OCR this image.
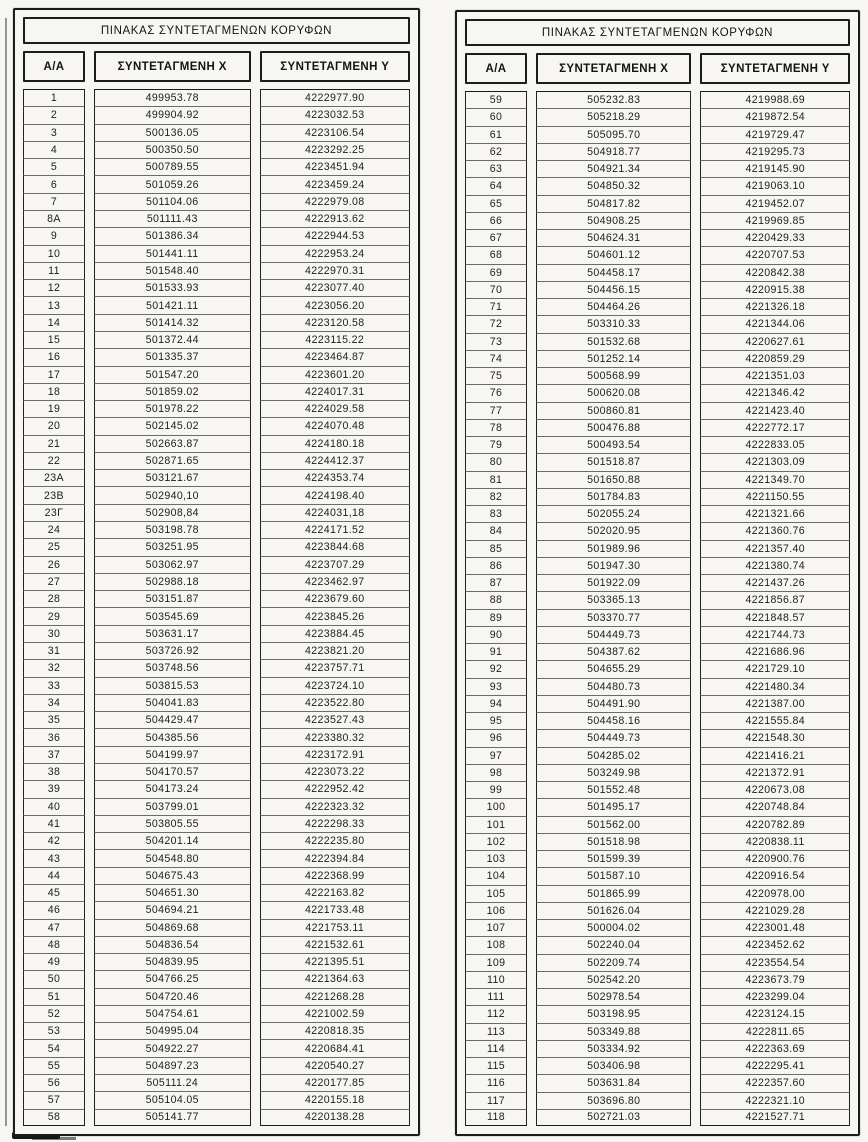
ΠΙΝΑΚΑΣ ΣΥΝΤΕΤΑΓΜΕΝΩΝ ΚΟΡΥΦΩΝ
Α/Α	ΣΥΝΤΕΤΑΓΜΕΝΗ Χ	ΣΥΝΤΕΤΑΓΜΕΝΗ Υ
1	499953.78	4222977.90
2	499904.92	4223032.53
3	500136.05	4223106.54
4	500350.50	4223292.25
5	500789.55	4223451.94
6	501059.26	4223459.24
7	501104.06	4222979.08
8Α	501111.43	4222913.62
9	501386.34	4222944.53
10	501441.11	4222953.24
11	501548.40	4222970.31
12	501533.93	4223077.40
13	501421.11	4223056.20
14	501414.32	4223120.58
15	501372.44	4223115.22
16	501335.37	4223464.87
17	501547.20	4223601.20
18	501859.02	4224017.31
19	501978.22	4224029.58
20	502145.02	4224070.48
21	502663.87	4224180.18
22	502871.65	4224412.37
23Α	503121.67	4224353.74
23Β	502940,10	4224198.40
23Γ	502908,84	4224031,18
24	503198.78	4224171.52
25	503251.95	4223844.68
26	503062.97	4223707.29
27	502988.18	4223462.97
28	503151.87	4223679.60
29	503545.69	4223845.26
30	503631.17	4223884.45
31	503726.92	4223821.20
32	503748.56	4223757.71
33	503815.53	4223724.10
34	504041.83	4223522.80
35	504429.47	4223527.43
36	504385.56	4223380.32
37	504199.97	4223172.91
38	504170.57	4223073.22
39	504173.24	4222952.42
40	503799.01	4222323.32
41	503805.55	4222298.33
42	504201.14	4222235.80
43	504548.80	4222394.84
44	504675.43	4222368.99
45	504651.30	4222163.82
46	504694.21	4221733.48
47	504869.68	4221753.11
48	504836.54	4221532.61
49	504839.95	4221395.51
50	504766.25	4221364.63
51	504720.46	4221268.28
52	504754.61	4221002.59
53	504995.04	4220818.35
54	504922.27	4220684.41
55	504897.23	4220540.27
56	505111.24	4220177.85
57	505104.05	4220155.18
58	505141.77	4220138.28
ΠΙΝΑΚΑΣ ΣΥΝΤΕΤΑΓΜΕΝΩΝ ΚΟΡΥΦΩΝ
Α/Α	ΣΥΝΤΕΤΑΓΜΕΝΗ Χ	ΣΥΝΤΕΤΑΓΜΕΝΗ Υ
59	505232.83	4219988.69
60	505218.29	4219872.54
61	505095.70	4219729.47
62	504918.77	4219295.73
63	504921.34	4219145.90
64	504850.32	4219063.10
65	504817.82	4219452.07
66	504908.25	4219969.85
67	504624.31	4220429.33
68	504601.12	4220707.53
69	504458.17	4220842.38
70	504456.15	4220915.38
71	504464.26	4221326.18
72	503310.33	4221344.06
73	501532.68	4220627.61
74	501252.14	4220859.29
75	500568.99	4221351.03
76	500620.08	4221346.42
77	500860.81	4221423.40
78	500476.88	4222772.17
79	500493.54	4222833.05
80	501518.87	4221303.09
81	501650.88	4221349.70
82	501784.83	4221150.55
83	502055.24	4221321.66
84	502020.95	4221360.76
85	501989.96	4221357.40
86	501947.30	4221380.74
87	501922.09	4221437.26
88	503365.13	4221856.87
89	503370.77	4221848.57
90	504449.73	4221744.73
91	504387.62	4221686.96
92	504655.29	4221729.10
93	504480.73	4221480.34
94	504491.90	4221387.00
95	504458.16	4221555.84
96	504449.73	4221548.30
97	504285.02	4221416.21
98	503249.98	4221372.91
99	501552.48	4220673.08
100	501495.17	4220748.84
101	501562.00	4220782.89
102	501518.98	4220838.11
103	501599.39	4220900.76
104	501587.10	4220916.54
105	501865.99	4220978.00
106	501626.04	4221029.28
107	500004.02	4223001.48
108	502240.04	4223452.62
109	502209.74	4223554.54
110	502542.20	4223673.79
111	502978.54	4223299.04
112	503198.95	4223124.15
113	503349.88	4222811.65
114	503334.92	4222363.69
115	503406.98	4222295.41
116	503631.84	4222357.60
117	503696.80	4222321.10
118	502721.03	4221527.71
